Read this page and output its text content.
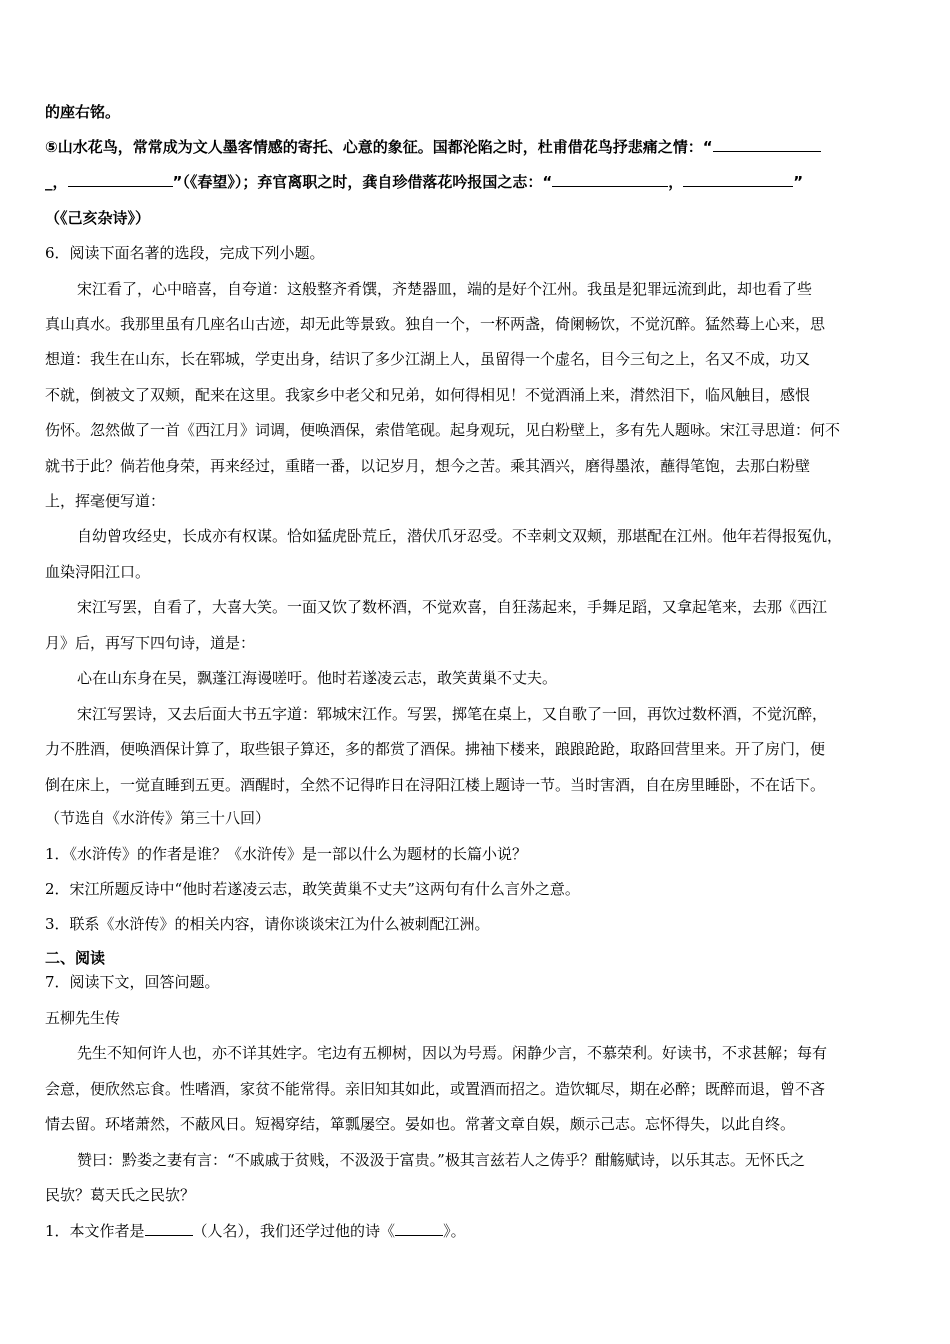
的座右铭。
⑤山水花鸟，常常成为文人墨客情感的寄托、心意的象征。国都沦陷之时，杜甫借花鸟抒悲痛之情：“
_，	”（《春望》）；弃官离职之时，龚自珍借落花吟报国之志：“	，	”
（《己亥杂诗》）
6．阅读下面名著的选段，完成下列小题。
宋江看了，心中暗喜，自夸道：这般整齐肴馔，齐楚器皿，端的是好个江州。我虽是犯罪远流到此，却也看了些
真山真水。我那里虽有几座名山古迹，却无此等景致。独自一个，一杯两盏，倚阑畅饮，不觉沉醉。猛然蓦上心来，思
想道：我生在山东，长在郓城，学吏出身，结识了多少江湖上人，虽留得一个虚名，目今三旬之上，名又不成，功又
不就，倒被文了双颊，配来在这里。我家乡中老父和兄弟，如何得相见！不觉酒涌上来，潸然泪下，临风触目，感恨
伤怀。忽然做了一首《西江月》词调，便唤酒保，索借笔砚。起身观玩，见白粉壁上，多有先人题咏。宋江寻思道：何不
就书于此？倘若他身荣，再来经过，重睹一番，以记岁月，想今之苦。乘其酒兴，磨得墨浓，蘸得笔饱，去那白粉壁
上，挥毫便写道：
自幼曾攻经史，长成亦有权谋。恰如猛虎卧荒丘，潜伏爪牙忍受。不幸刺文双颊，那堪配在江州。他年若得报冤仇，
血染浔阳江口。
宋江写罢，自看了，大喜大笑。一面又饮了数杯酒，不觉欢喜，自狂荡起来，手舞足蹈，又拿起笔来，去那《西江
月》后，再写下四句诗，道是：
心在山东身在吴，飘蓬江海谩嗟吁。他时若遂凌云志，敢笑黄巢不丈夫。
宋江写罢诗，又去后面大书五字道：郓城宋江作。写罢，掷笔在桌上，又自歌了一回，再饮过数杯酒，不觉沉醉，
力不胜酒，便唤酒保计算了，取些银子算还，多的都赏了酒保。拂袖下楼来，踉踉跄跄，取路回营里来。开了房门，便
倒在床上，一觉直睡到五更。酒醒时，全然不记得昨日在浔阳江楼上题诗一节。当时害酒，自在房里睡卧，不在话下。
（节选自《水浒传》第三十八回）
1．《水浒传》的作者是谁？《水浒传》是一部以什么为题材的长篇小说？
2．宋江所题反诗中“他时若遂凌云志，敢笑黄巢不丈夫”这两句有什么言外之意。
3．联系《水浒传》的相关内容，请你谈谈宋江为什么被刺配江洲。
二、阅读
7．阅读下文，回答问题。
五柳先生传
先生不知何许人也，亦不详其姓字。宅边有五柳树，因以为号焉。闲静少言，不慕荣利。好读书，不求甚解；每有
会意，便欣然忘食。性嗜酒，家贫不能常得。亲旧知其如此，或置酒而招之。造饮辄尽，期在必醉；既醉而退，曾不吝
情去留。环堵萧然，不蔽风日。短褐穿结，箪瓢屡空。晏如也。常著文章自娱，颇示己志。忘怀得失，以此自终。
赞曰：黔娄之妻有言：“不戚戚于贫贱，不汲汲于富贵。”极其言兹若人之俦乎？酣觞赋诗，以乐其志。无怀氏之
民欤？葛天氏之民欤？
1．本文作者是	（人名），我们还学过他的诗《	》。
